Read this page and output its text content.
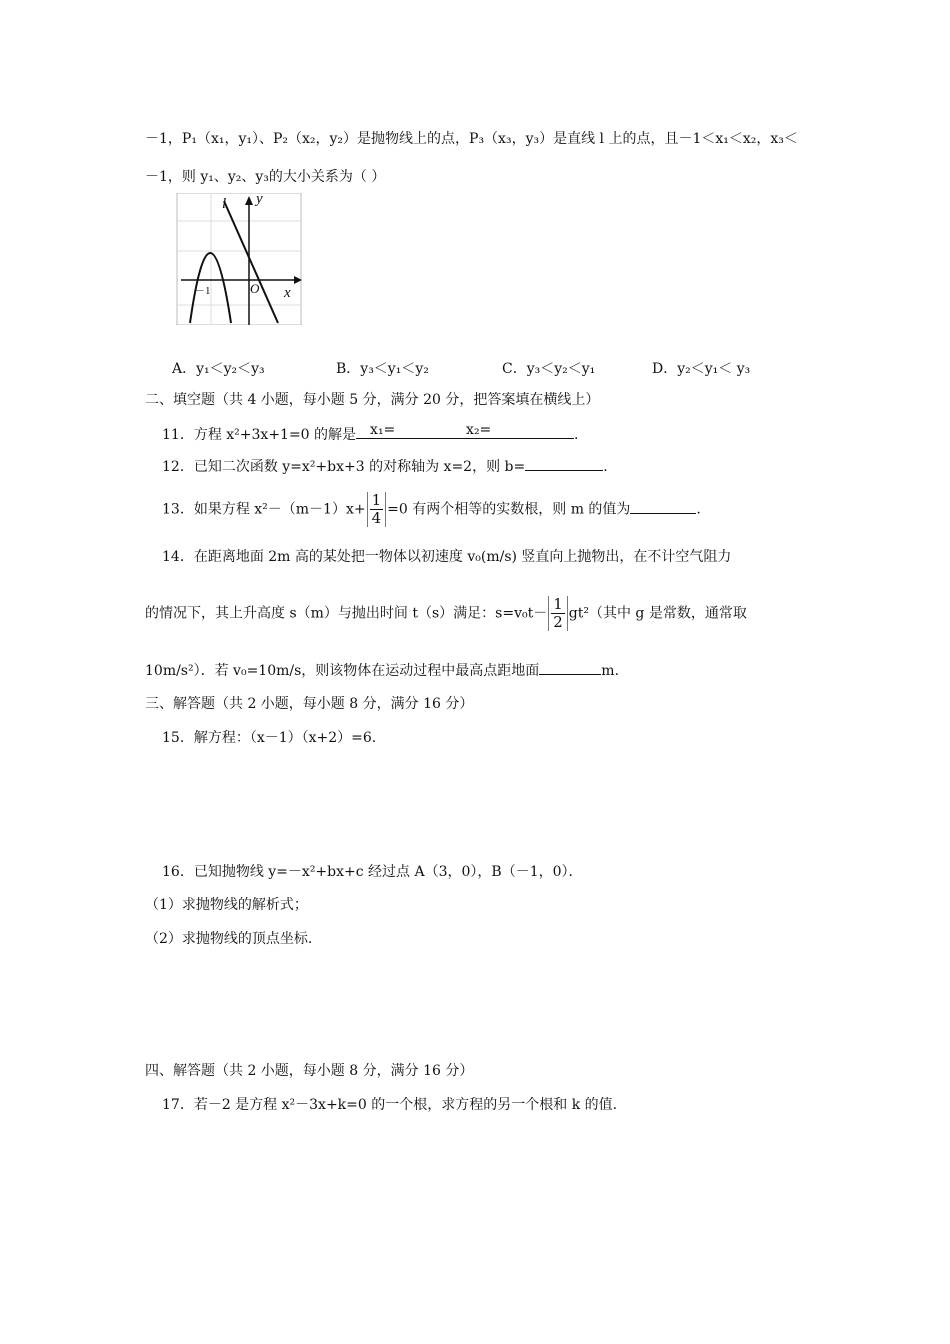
－1，P₁（x₁，y₁）、P₂（x₂，y₂）是抛物线上的点，P₃（x₃，y₃）是直线 l 上的点，且－1＜x₁＜x₂，x₃＜
－1，则 y₁、y₂、y₃的大小关系为（ ）
l y
x
－1	O
A．y₁＜y₂＜y₃	B．y₃＜y₁＜y₂	C．y₃＜y₂＜y₁	D．y₂＜y₁＜ y₃
二、填空题（共 4 小题，每小题 5 分，满分 20 分，把答案填在横线上）
11．方程 x²+3x+1=0 的解是 x₁=	x₂=	.
12．已知二次函数 y=x²+bx+3 的对称轴为 x=2，则 b=	.
13．如果方程 $x^2-(m-1)x+ \frac{1}{4} =0$ 有两个相等的实数根，则 m 的值为	.
14．在距离地面 2m 高的某处把一物体以初速度 v₀(m/s) 竖直向上抛物出，在不计空气阻力
的情况下，其上升高度 s（m）与抛出时间 t（s）满足：$s=v_0t- \frac{1}{2} gt^2$（其中 g 是常数，通常取
10m/s²）．若 v₀=10m/s，则该物体在运动过程中最高点距地面	m.
三、解答题（共 2 小题，每小题 8 分，满分 16 分）
15．解方程：（x－1）（x+2）=6.
16．已知抛物线 y=－x²+bx+c 经过点 A（3，0），B（－1，0）．
（1）求抛物线的解析式；
（2）求抛物线的顶点坐标.
四、解答题（共 2 小题，每小题 8 分，满分 16 分）
17．若－2 是方程 x²－3x+k=0 的一个根，求方程的另一个根和 k 的值.
